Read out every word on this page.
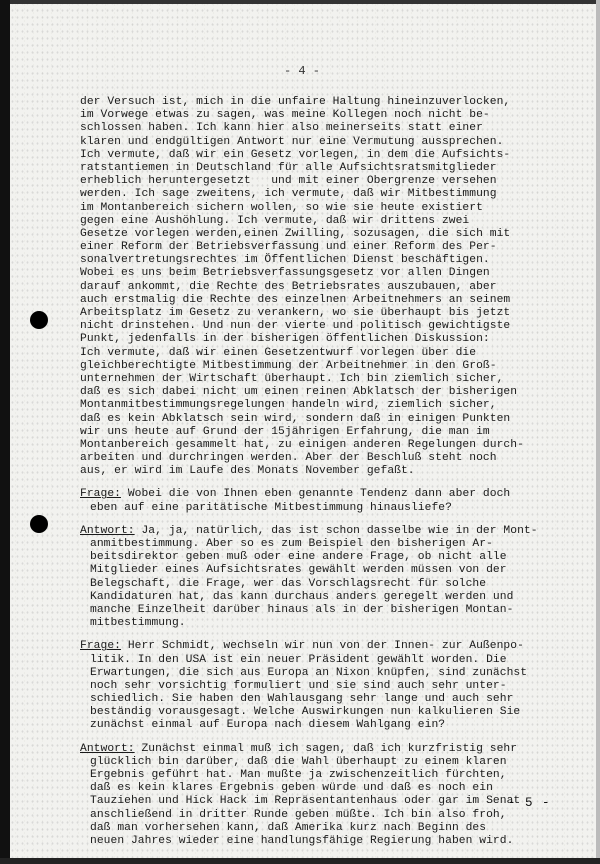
- 4 -
der Versuch ist, mich in die unfaire Haltung hineinzuverlocken,
im Vorwege etwas zu sagen, was meine Kollegen noch nicht be-
schlossen haben. Ich kann hier also meinerseits statt einer
klaren und endgültigen Antwort nur eine Vermutung aussprechen.
Ich vermute, daß wir ein Gesetz vorlegen, in dem die Aufsichts-
ratstantiemen in Deutschland für alle Aufsichtsratsmitglieder
erheblich heruntergesetzt   und mit einer Obergrenze versehen
werden. Ich sage zweitens, ich vermute, daß wir Mitbestimmung
im Montanbereich sichern wollen, so wie sie heute existiert
gegen eine Aushöhlung. Ich vermute, daß wir drittens zwei
Gesetze vorlegen werden,einen Zwilling, sozusagen, die sich mit
einer Reform der Betriebsverfassung und einer Reform des Per-
sonalvertretungsrechtes im Öffentlichen Dienst beschäftigen.
Wobei es uns beim Betriebsverfassungsgesetz vor allen Dingen
darauf ankommt, die Rechte des Betriebsrates auszubauen, aber
auch erstmalig die Rechte des einzelnen Arbeitnehmers an seinem
Arbeitsplatz im Gesetz zu verankern, wo sie überhaupt bis jetzt
nicht drinstehen. Und nun der vierte und politisch gewichtigste
Punkt, jedenfalls in der bisherigen öffentlichen Diskussion:
Ich vermute, daß wir einen Gesetzentwurf vorlegen über die
gleichberechtigte Mitbestimmung der Arbeitnehmer in den Groß-
unternehmen der Wirtschaft überhaupt. Ich bin ziemlich sicher,
daß es sich dabei nicht um einen reinen Abklatsch der bisherigen
Montanmitbestimmungsregelungen handeln wird, ziemlich sicher,
daß es kein Abklatsch sein wird, sondern daß in einigen Punkten
wir uns heute auf Grund der 15jährigen Erfahrung, die man im
Montanbereich gesammelt hat, zu einigen anderen Regelungen durch-
arbeiten und durchringen werden. Aber der Beschluß steht noch
aus, er wird im Laufe des Monats November gefaßt.
Frage: Wobei die von Ihnen eben genannte Tendenz dann aber doch
eben auf eine paritätische Mitbestimmung hinausliefe?
Antwort: Ja, ja, natürlich, das ist schon dasselbe wie in der Mont-
anmitbestimmung. Aber so es zum Beispiel den bisherigen Ar-
beitsdirektor geben muß oder eine andere Frage, ob nicht alle
Mitglieder eines Aufsichtsrates gewählt werden müssen von der
Belegschaft, die Frage, wer das Vorschlagsrecht für solche
Kandidaturen hat, das kann durchaus anders geregelt werden und
manche Einzelheit darüber hinaus als in der bisherigen Montan-
mitbestimmung.
Frage: Herr Schmidt, wechseln wir nun von der Innen- zur Außenpo-
litik. In den USA ist ein neuer Präsident gewählt worden. Die
Erwartungen, die sich aus Europa an Nixon knüpfen, sind zunächst
noch sehr vorsichtig formuliert und sie sind auch sehr unter-
schiedlich. Sie haben den Wahlausgang sehr lange und auch sehr
beständig vorausgesagt. Welche Auswirkungen nun kalkulieren Sie
zunächst einmal auf Europa nach diesem Wahlgang ein?
Antwort: Zunächst einmal muß ich sagen, daß ich kurzfristig sehr
glücklich bin darüber, daß die Wahl überhaupt zu einem klaren
Ergebnis geführt hat. Man mußte ja zwischenzeitlich fürchten,
daß es kein klares Ergebnis geben würde und daß es noch ein
Tauziehen und Hick Hack im Repräsentantenhaus oder gar im Senat
anschließend in dritter Runde geben müßte. Ich bin also froh,
daß man vorhersehen kann, daß Amerika kurz nach Beginn des
neuen Jahres wieder eine handlungsfähige Regierung haben wird.
- 5 -
